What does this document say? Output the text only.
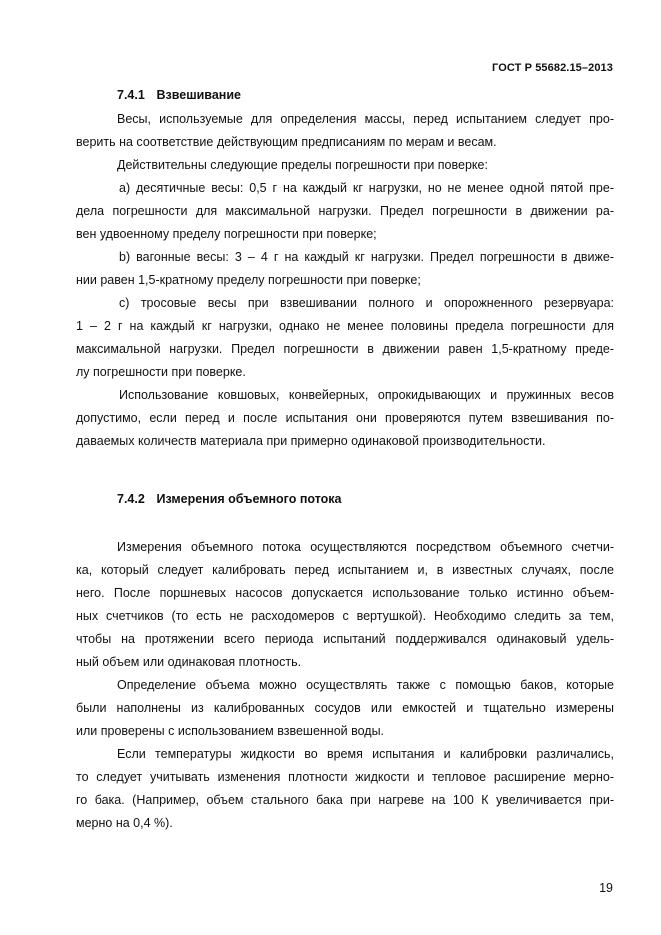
ГОСТ Р 55682.15–2013
7.4.1 Взвешивание
Весы, используемые для определения массы, перед испытанием следует про-
верить на соответствие действующим предписаниям по мерам и весам.
Действительны следующие пределы погрешности при поверке:
а) десятичные весы: 0,5 г на каждый кг нагрузки, но не менее одной пятой пре-
дела погрешности для максимальной нагрузки. Предел погрешности в движении ра-
вен удвоенному пределу погрешности при поверке;
b) вагонные весы: 3 – 4 г на каждый кг нагрузки. Предел погрешности в движе-
нии равен 1,5-кратному пределу погрешности при поверке;
с) тросовые весы при взвешивании полного и опорожненного резервуара:
1 – 2 г на каждый кг нагрузки, однако не менее половины предела погрешности для
максимальной нагрузки. Предел погрешности в движении равен 1,5-кратному преде-
лу погрешности при поверке.
Использование ковшовых, конвейерных, опрокидывающих и пружинных весов
допустимо, если перед и после испытания они проверяются путем взвешивания по-
даваемых количеств материала при примерно одинаковой производительности.
7.4.2 Измерения объемного потока
Измерения объемного потока осуществляются посредством объемного счетчи-
ка, который следует калибровать перед испытанием и, в известных случаях, после
него. После поршневых насосов допускается использование только истинно объем-
ных счетчиков (то есть не расходомеров с вертушкой). Необходимо следить за тем,
чтобы на протяжении всего периода испытаний поддерживался одинаковый удель-
ный объем или одинаковая плотность.
Определение объема можно осуществлять также с помощью баков, которые
были наполнены из калиброванных сосудов или емкостей и тщательно измерены
или проверены с использованием взвешенной воды.
Если температуры жидкости во время испытания и калибровки различались,
то следует учитывать изменения плотности жидкости и тепловое расширение мерно-
го бака. (Например, объем стального бака при нагреве на 100 К увеличивается при-
мерно на 0,4 %).
19
